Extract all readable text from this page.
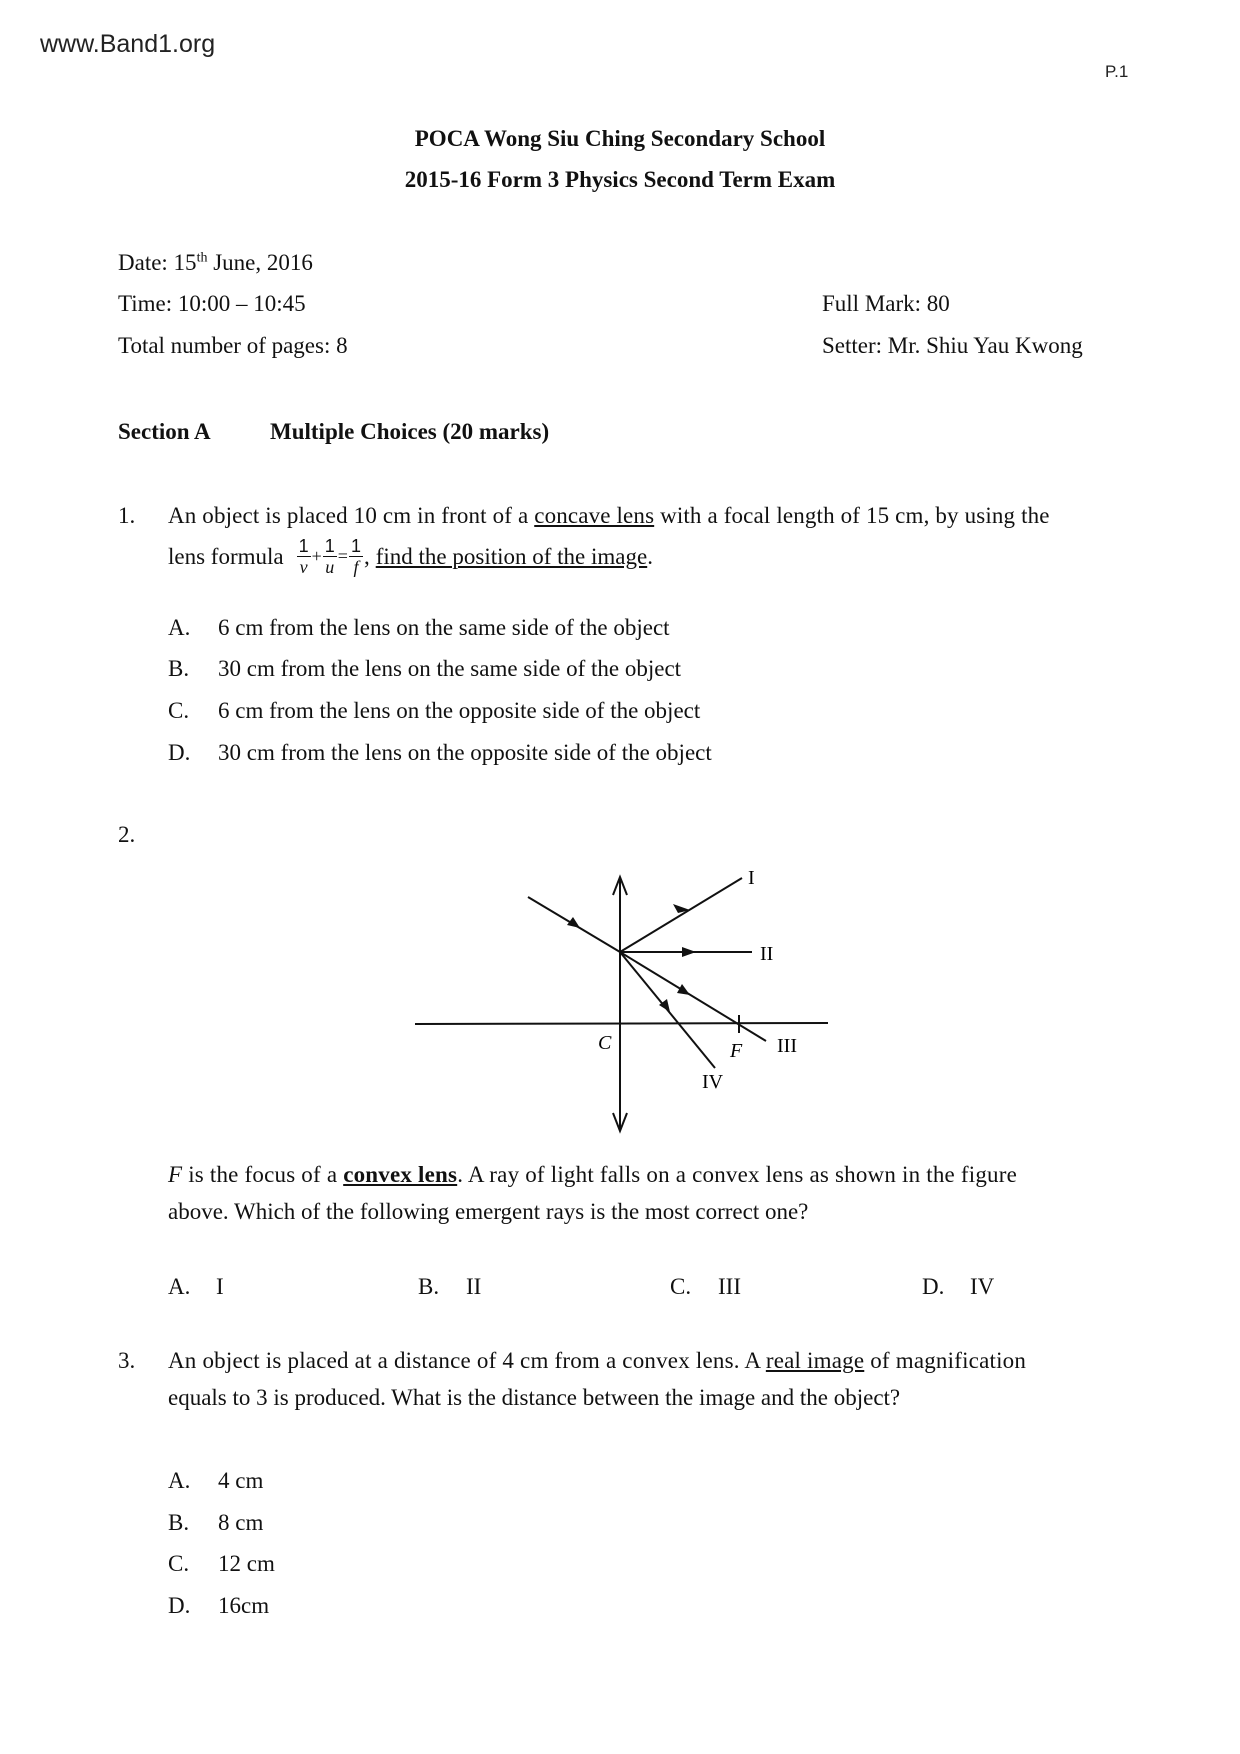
www.Band1.org
P.1
POCA Wong Siu Ching Secondary School
2015-16 Form 3 Physics Second Term Exam
Date: 15th June, 2016
Time: 10:00 – 10:45
Total number of pages: 8
Full Mark: 80
Setter: Mr. Shiu Yau Kwong
Section A	Multiple Choices (20 marks)
1. An object is placed 10 cm in front of a concave lens with a focal length of 15 cm, by using the
lens formula $\frac{1}{v} + \frac{1}{u} = \frac{1}{f}$ , find the position of the image .
A. 6 cm from the lens on the same side of the object
B. 30 cm from the lens on the same side of the object
C. 6 cm from the lens on the opposite side of the object
D. 30 cm from the lens on the opposite side of the object
2.
I
II
III
IV
C	F
F is the focus of a convex lens. A ray of light falls on a convex lens as shown in the figure
above. Which of the following emergent rays is the most correct one?
A. I	B. II	C. III	D. IV
3. An object is placed at a distance of 4 cm from a convex lens. A real image of magnification
equals to 3 is produced. What is the distance between the image and the object?
A. 4 cm
B. 8 cm
C. 12 cm
D. 16cm
